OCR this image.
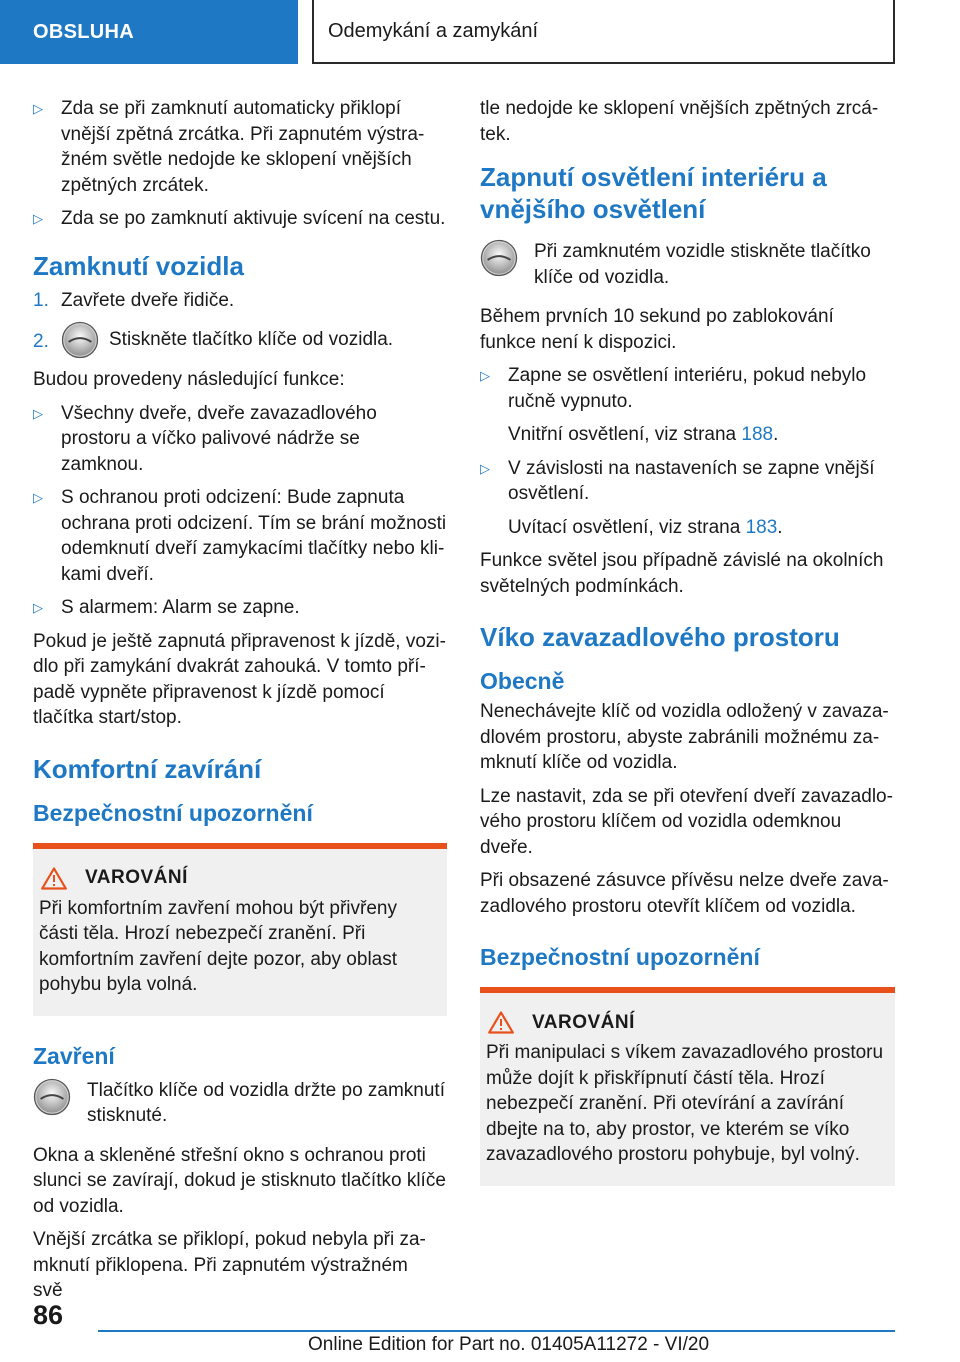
OBSLUHA	Odemykání a zamykání
▷ Zda se při zamknutí automaticky přiklopí vnější zpětná zrcátka. Při zapnutém výstražném světle nedojde ke sklopení vnějších zpětných zrcátek.

▷ Zda se po zamknutí aktivuje svícení na cestu.

Zamknutí vozidla
1. Zavřete dveře řidiče.

2.	Stiskněte tlačítko klíče od vozidla.

Budou provedeny následující funkce:

▷ Všechny dveře, dveře zavazadlového prostoru a víčko palivové nádrže se zamknou.

▷ S ochranou proti odcizení: Bude zapnuta ochrana proti odcizení. Tím se brání možnosti odemknutí dveří zamykacími tlačítky nebo klikami dveří.

▷ S alarmem: Alarm se zapne.

Pokud je ještě zapnutá připravenost k jízdě, vozidlo při zamykání dvakrát zahouká. V tomto případě vypněte připravenost k jízdě pomocí tlačítka start/stop.

Komfortní zavírání
Bezpečnostní upozornění
VAROVÁNÍ

Při komfortním zavření mohou být přivřeny části těla. Hrozí nebezpečí zranění. Při komfortním zavření dejte pozor, aby oblast pohybu byla volná.

Zavření

Tlačítko klíče od vozidla držte po zamknutí stisknuté.

Okna a skleněné střešní okno s ochranou proti slunci se zavírají, dokud je stisknuto tlačítko klíče od vozidla.

Vnější zrcátka se přiklopí, pokud nebyla při zamknutí přiklopena. Při zapnutém výstražném svě

tle nedojde ke sklopení vnějších zpětných zrcátek.

Zapnutí osvětlení interiéru a vnějšího osvětlení

Při zamknutém vozidle stiskněte tlačítko klíče od vozidla.

Během prvních 10 sekund po zablokování funkce není k dispozici.

▷ Zapne se osvětlení interiéru, pokud nebylo ručně vypnuto.

Vnitřní osvětlení, viz strana 188.

▷ V závislosti na nastaveních se zapne vnější osvětlení.

Uvítací osvětlení, viz strana 183.

Funkce světel jsou případně závislé na okolních světelných podmínkách.

Víko zavazadlového prostoru
Obecně

Nenechávejte klíč od vozidla odložený v zavazadlovém prostoru, abyste zabránili možnému zamknutí klíče od vozidla.

Lze nastavit, zda se při otevření dveří zavazadlového prostoru klíčem od vozidla odemknou dveře.

Při obsazené zásuvce přívěsu nelze dveře zavazadlového prostoru otevřít klíčem od vozidla.

Bezpečnostní upozornění
VAROVÁNÍ

Při manipulaci s víkem zavazadlového prostoru může dojít k přiskřípnutí částí těla. Hrozí nebezpečí zranění. Při otevírání a zavírání dbejte na to, aby prostor, ve kterém se víko zavazadlového prostoru pohybuje, byl volný.

86
Online Edition for Part no. 01405A11272 - VI/20
